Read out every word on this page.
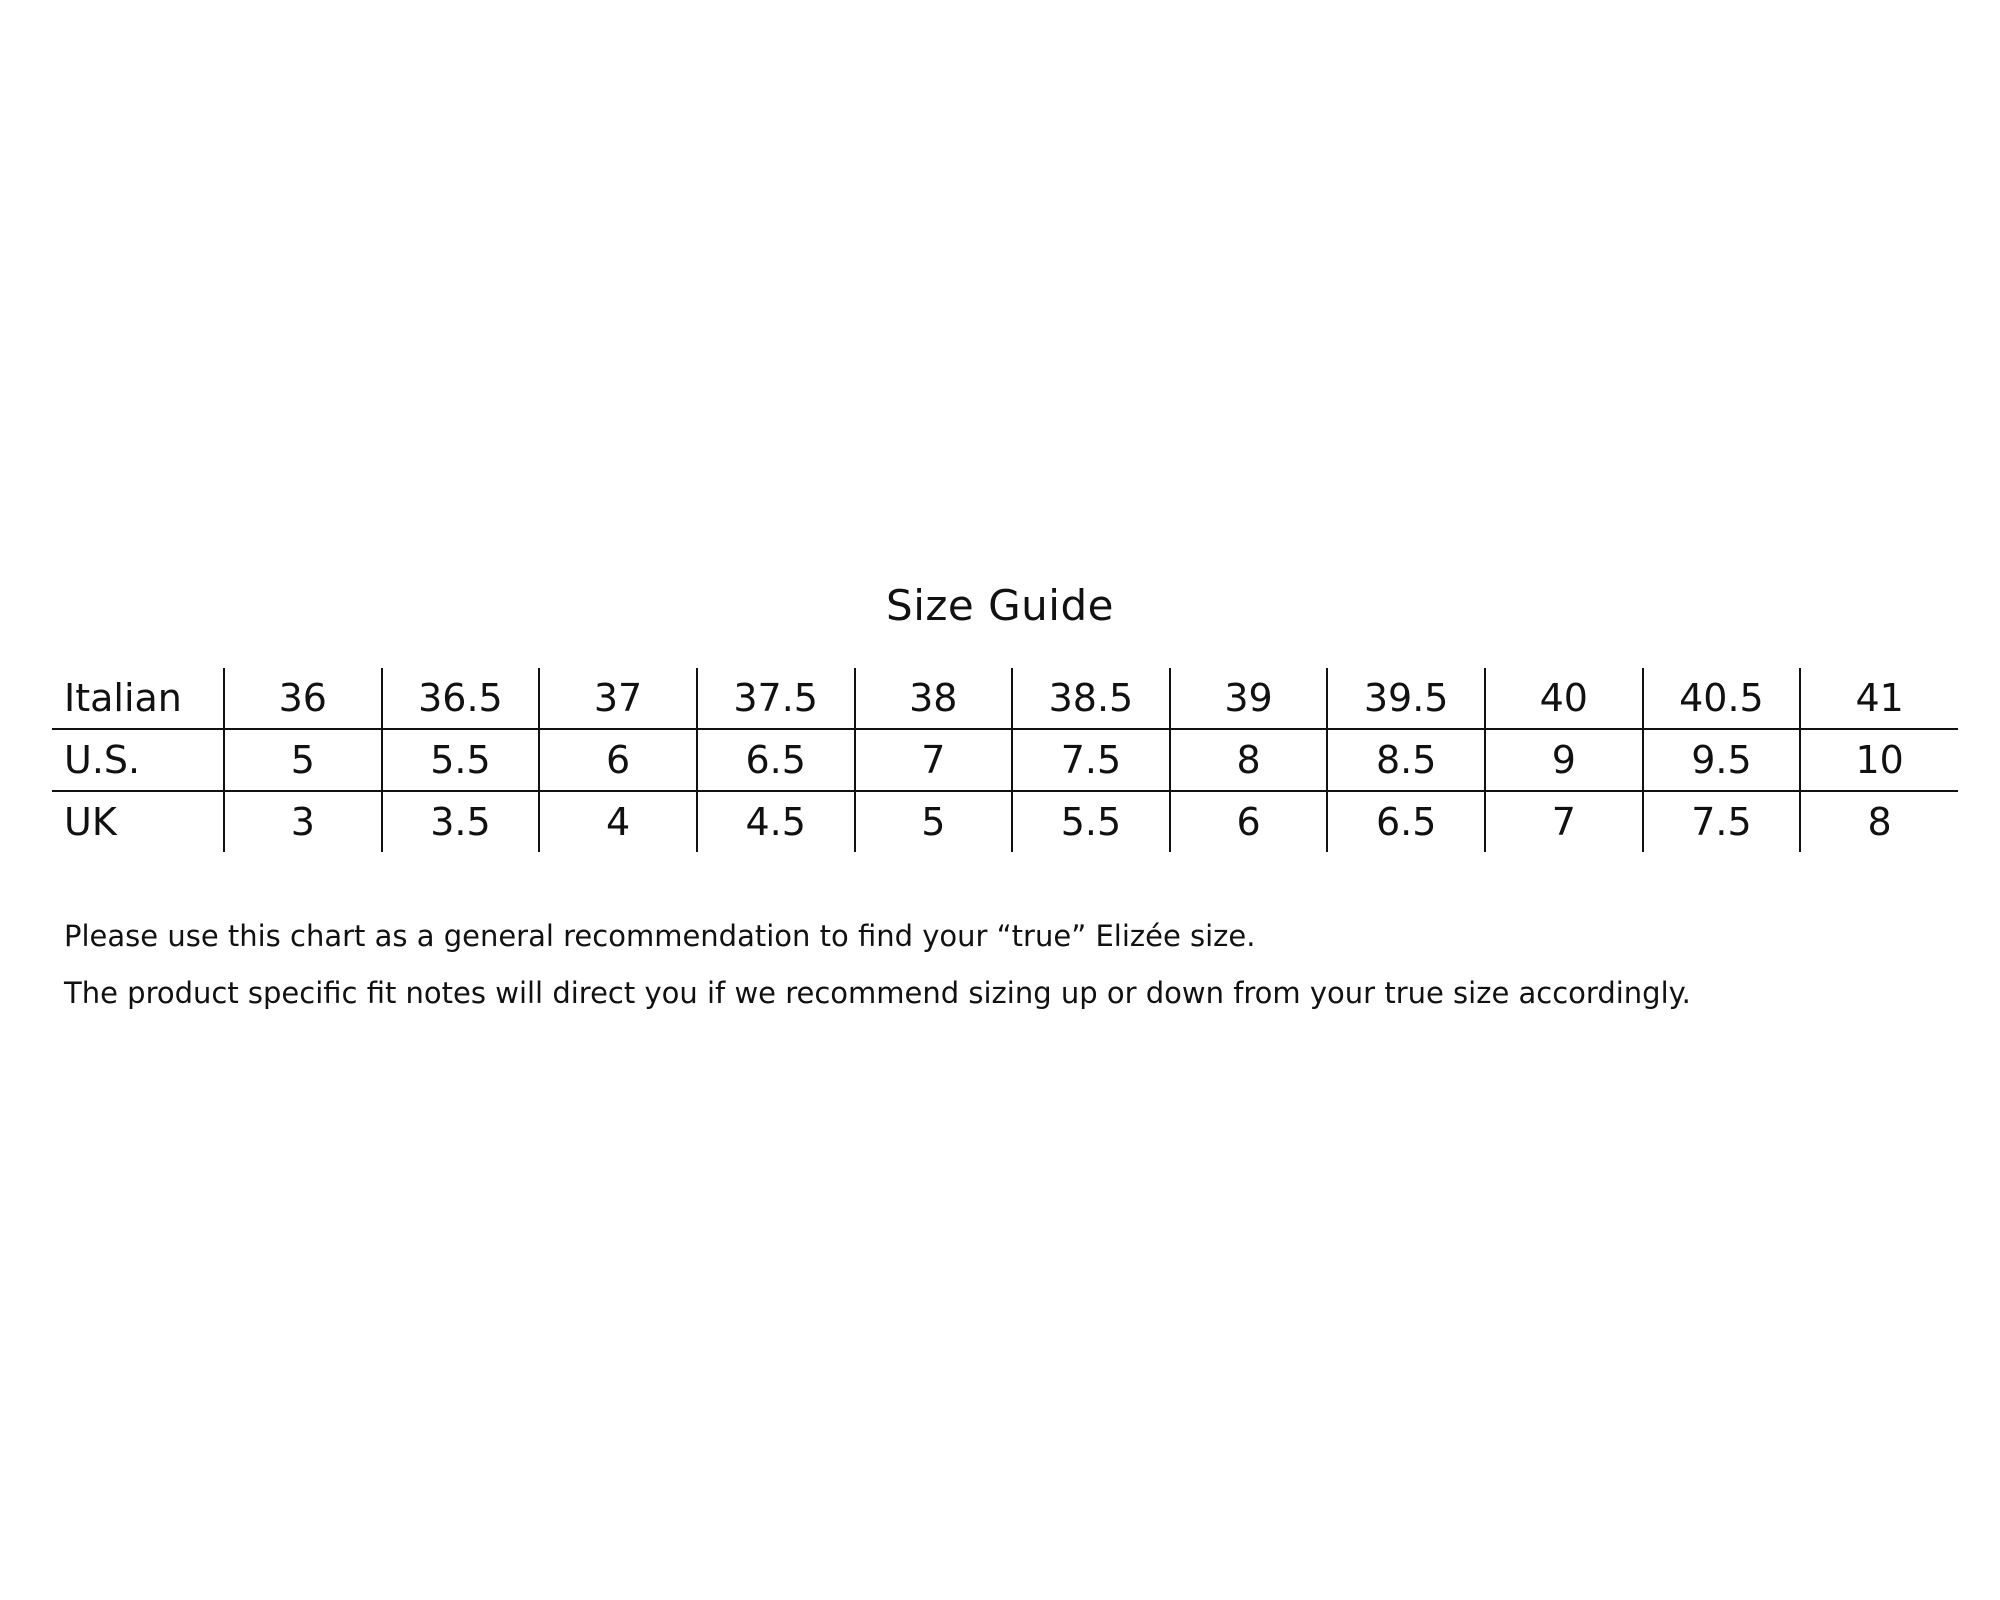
Size Guide
Italian	36	36.5	37	37.5	38	38.5	39	39.5	40	40.5	41
U.S.	5	5.5	6	6.5	7	7.5	8	8.5	9	9.5	10
UK	3	3.5	4	4.5	5	5.5	6	6.5	7	7.5	8
Please use this chart as a general recommendation to find your “true” Elizée size.
The product specific fit notes will direct you if we recommend sizing up or down from your true size accordingly.
